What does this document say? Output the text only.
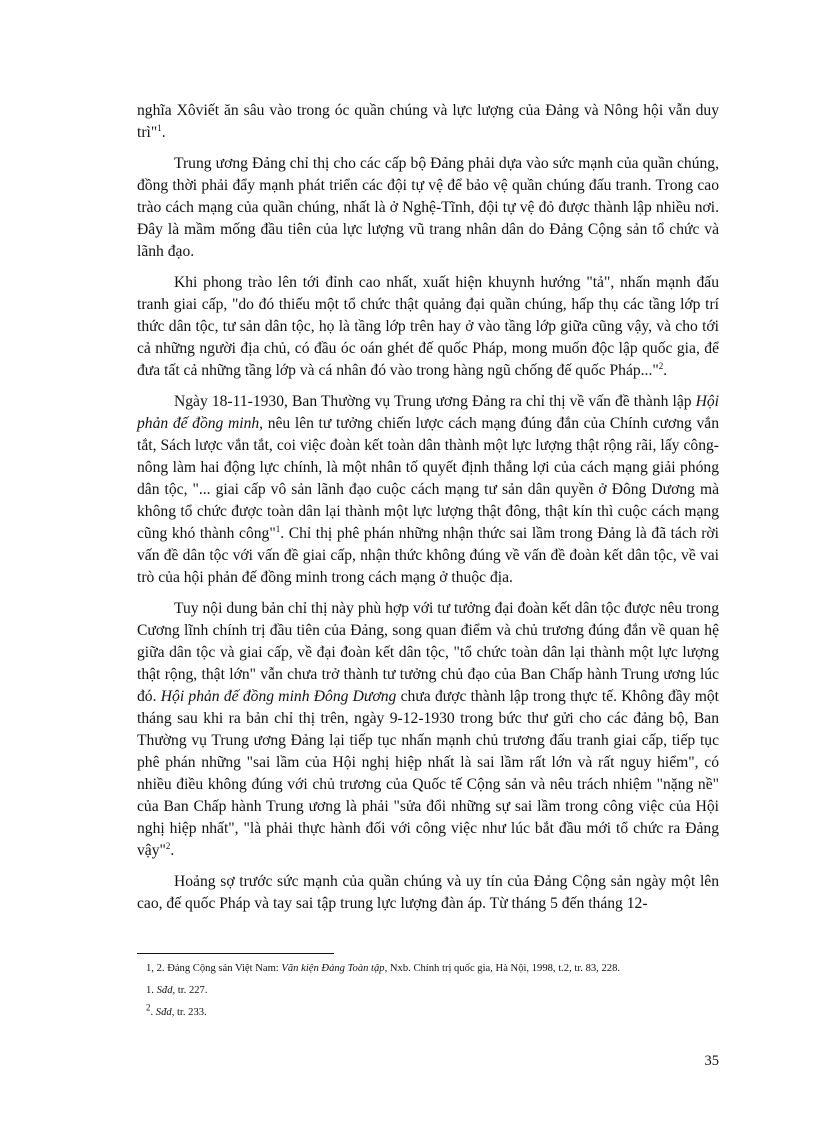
nghĩa Xôviết ăn sâu vào trong óc quần chúng và lực lượng của Đảng và Nông hội vẫn duy trì"$^1$.

Trung ương Đảng chỉ thị cho các cấp bộ Đảng phải dựa vào sức mạnh của quần chúng, đồng thời phải đẩy mạnh phát triển các đội tự vệ để bảo vệ quần chúng đấu tranh. Trong cao trào cách mạng của quần chúng, nhất là ở Nghệ-Tĩnh, đội tự vệ đỏ được thành lập nhiều nơi. Đây là mầm mống đầu tiên của lực lượng vũ trang nhân dân do Đảng Cộng sản tổ chức và lãnh đạo.

Khi phong trào lên tới đỉnh cao nhất, xuất hiện khuynh hướng "tả", nhấn mạnh đấu tranh giai cấp, "do đó thiếu một tổ chức thật quảng đại quần chúng, hấp thụ các tầng lớp trí thức dân tộc, tư sản dân tộc, họ là tầng lớp trên hay ở vào tầng lớp giữa cũng vậy, và cho tới cả những người địa chủ, có đầu óc oán ghét đế quốc Pháp, mong muốn độc lập quốc gia, để đưa tất cả những tầng lớp và cá nhân đó vào trong hàng ngũ chống đế quốc Pháp..."$^2$.

Ngày 18-11-1930, Ban Thường vụ Trung ương Đảng ra chỉ thị về vấn đề thành lập Hội phản đế đồng minh, nêu lên tư tưởng chiến lược cách mạng đúng đắn của Chính cương vắn tắt, Sách lược vắn tắt, coi việc đoàn kết toàn dân thành một lực lượng thật rộng rãi, lấy công-nông làm hai động lực chính, là một nhân tố quyết định thắng lợi của cách mạng giải phóng dân tộc, "... giai cấp vô sản lãnh đạo cuộc cách mạng tư sản dân quyền ở Đông Dương mà không tổ chức được toàn dân lại thành một lực lượng thật đông, thật kín thì cuộc cách mạng cũng khó thành công"$^1$. Chỉ thị phê phán những nhận thức sai lầm trong Đảng là đã tách rời vấn đề dân tộc với vấn đề giai cấp, nhận thức không đúng về vấn đề đoàn kết dân tộc, về vai trò của hội phản đế đồng minh trong cách mạng ở thuộc địa.

Tuy nội dung bản chỉ thị này phù hợp với tư tưởng đại đoàn kết dân tộc được nêu trong Cương lĩnh chính trị đầu tiên của Đảng, song quan điểm và chủ trương đúng đắn về quan hệ giữa dân tộc và giai cấp, về đại đoàn kết dân tộc, "tổ chức toàn dân lại thành một lực lượng thật rộng, thật lớn" vẫn chưa trở thành tư tưởng chủ đạo của Ban Chấp hành Trung ương lúc đó. Hội phản đế đồng minh Đông Dương chưa được thành lập trong thực tế. Không đầy một tháng sau khi ra bản chỉ thị trên, ngày 9-12-1930 trong bức thư gửi cho các đảng bộ, Ban Thường vụ Trung ương Đảng lại tiếp tục nhấn mạnh chủ trương đấu tranh giai cấp, tiếp tục phê phán những "sai lầm của Hội nghị hiệp nhất là sai lầm rất lớn và rất nguy hiểm", có nhiều điều không đúng với chủ trương của Quốc tế Cộng sản và nêu trách nhiệm "nặng nề" của Ban Chấp hành Trung ương là phải "sửa đổi những sự sai lầm trong công việc của Hội nghị hiệp nhất", "là phải thực hành đối với công việc như lúc bắt đầu mới tổ chức ra Đảng vậy"$^2$.

Hoảng sợ trước sức mạnh của quần chúng và uy tín của Đảng Cộng sản ngày một lên cao, đế quốc Pháp và tay sai tập trung lực lượng đàn áp. Từ tháng 5 đến tháng 12-

1, 2. Đảng Cộng sản Việt Nam: Văn kiện Đảng Toàn tập, Nxb. Chính trị quốc gia, Hà Nội, 1998, t.2, tr. 83, 228.

1. Sđd, tr. 227.

$^2$. Sđd, tr. 233.

35
